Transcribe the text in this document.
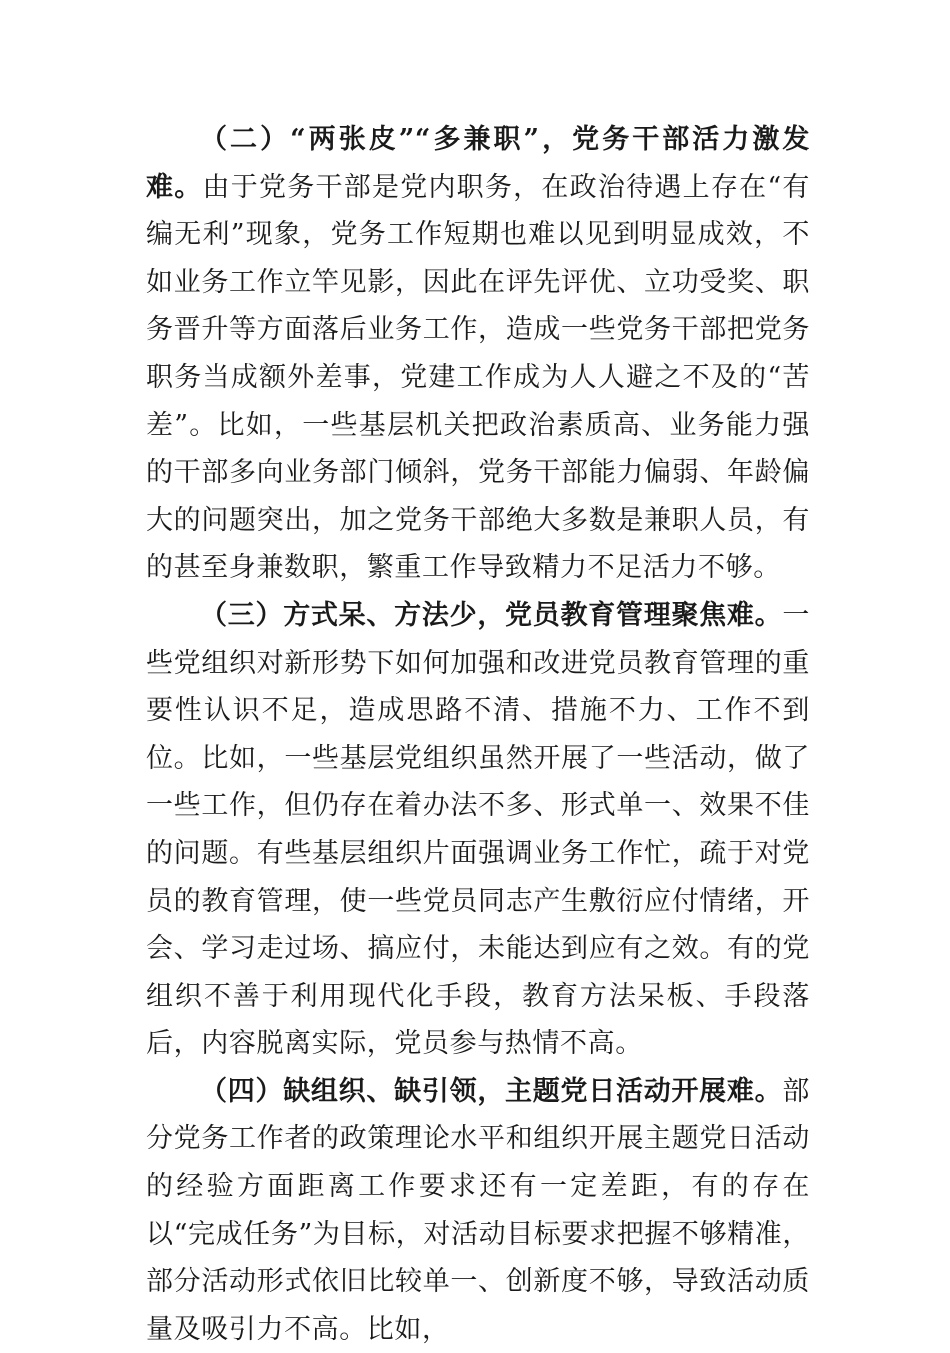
（二）“两张皮”“多兼职”，党务干部活力激发难。由于党务干部是党内职务，在政治待遇上存在“有编无利”现象，党务工作短期也难以见到明显成效，不如业务工作立竿见影，因此在评先评优、立功受奖、职务晋升等方面落后业务工作，造成一些党务干部把党务职务当成额外差事，党建工作成为人人避之不及的“苦差”。比如，一些基层机关把政治素质高、业务能力强的干部多向业务部门倾斜，党务干部能力偏弱、年龄偏大的问题突出，加之党务干部绝大多数是兼职人员，有的甚至身兼数职，繁重工作导致精力不足活力不够。

（三）方式呆、方法少，党员教育管理聚焦难。一些党组织对新形势下如何加强和改进党员教育管理的重要性认识不足，造成思路不清、措施不力、工作不到位。比如，一些基层党组织虽然开展了一些活动，做了一些工作，但仍存在着办法不多、形式单一、效果不佳的问题。有些基层组织片面强调业务工作忙，疏于对党员的教育管理，使一些党员同志产生敷衍应付情绪，开会、学习走过场、搞应付，未能达到应有之效。有的党组织不善于利用现代化手段，教育方法呆板、手段落后，内容脱离实际，党员参与热情不高。

（四）缺组织、缺引领，主题党日活动开展难。部分党务工作者的政策理论水平和组织开展主题党日活动的经验方面距离工作要求还有一定差距，有的存在以“完成任务”为目标，对活动目标要求把握不够精准，部分活动形式依旧比较单一、创新度不够，导致活动质量及吸引力不高。比如，
